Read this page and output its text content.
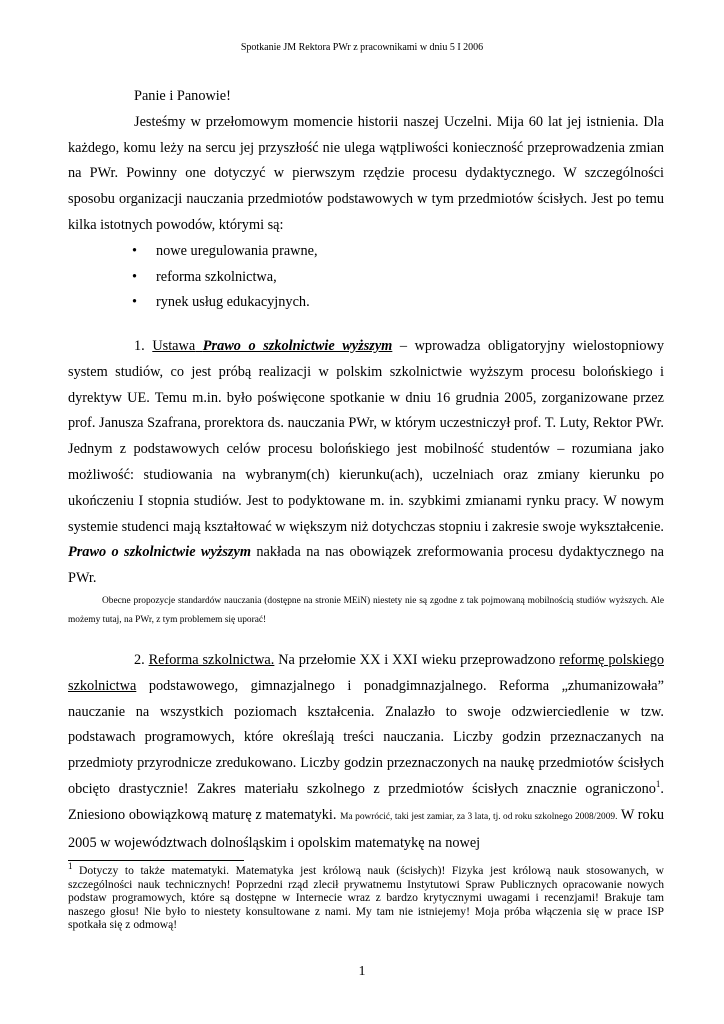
Spotkanie JM Rektora PWr z pracownikami w dniu 5 I 2006

Panie i Panowie!

Jesteśmy w przełomowym momencie historii naszej Uczelni. Mija 60 lat jej istnienia. Dla każdego, komu leży na sercu jej przyszłość nie ulega wątpliwości konieczność przeprowadzenia zmian na PWr. Powinny one dotyczyć w pierwszym rzędzie procesu dydaktycznego. W szczególności sposobu organizacji nauczania przedmiotów podstawowych w tym przedmiotów ścisłych. Jest po temu kilka istotnych powodów, którymi są:

• nowe uregulowania prawne,
• reforma szkolnictwa,
• rynek usług edukacyjnych.

1. Ustawa Prawo o szkolnictwie wyższym – wprowadza obligatoryjny wielostopniowy system studiów, co jest próbą realizacji w polskim szkolnictwie wyższym procesu bolońskiego i dyrektyw UE. Temu m.in. było poświęcone spotkanie w dniu 16 grudnia 2005, zorganizowane przez prof. Janusza Szafrana, prorektora ds. nauczania PWr, w którym uczestniczył prof. T. Luty, Rektor PWr. Jednym z podstawowych celów procesu bolońskiego jest mobilność studentów – rozumiana jako możliwość: studiowania na wybranym(ch) kierunku(ach), uczelniach oraz zmiany kierunku po ukończeniu I stopnia studiów. Jest to podyktowane m. in. szybkimi zmianami rynku pracy. W nowym systemie studenci mają kształtować w większym niż dotychczas stopniu i zakresie swoje wykształcenie. Prawo o szkolnictwie wyższym nakłada na nas obowiązek zreformowania procesu dydaktycznego na PWr.

Obecne propozycje standardów nauczania (dostępne na stronie MEiN) niestety nie są zgodne z tak pojmowaną mobilnością studiów wyższych. Ale możemy tutaj, na PWr, z tym problemem się uporać!

2. Reforma szkolnictwa. Na przełomie XX i XXI wieku przeprowadzono reformę polskiego szkolnictwa podstawowego, gimnazjalnego i ponadgimnazjalnego. Reforma „zhumanizowała” nauczanie na wszystkich poziomach kształcenia. Znalazło to swoje odzwierciedlenie w tzw. podstawach programowych, które określają treści nauczania. Liczby godzin przeznaczanych na przedmioty przyrodnicze zredukowano. Liczby godzin przeznaczonych na naukę przedmiotów ścisłych obcięto drastycznie! Zakres materiału szkolnego z przedmiotów ścisłych znacznie ograniczono$^1$. Zniesiono obowiązkową maturę z matematyki. Ma powrócić, taki jest zamiar, za 3 lata, tj. od roku szkolnego 2008/2009. W roku 2005 w województwach dolnośląskim i opolskim matematykę na nowej

$^1$ Dotyczy to także matematyki. Matematyka jest królową nauk (ścisłych)! Fizyka jest królową nauk stosowanych, w szczególności nauk technicznych! Poprzedni rząd zlecił prywatnemu Instytutowi Spraw Publicznych opracowanie nowych podstaw programowych, które są dostępne w Internecie wraz z bardzo krytycznymi uwagami i recenzjami! Brakuje tam naszego głosu! Nie było to niestety konsultowane z nami. My tam nie istniejemy! Moja próba włączenia się w prace ISP spotkała się z odmową!
1
